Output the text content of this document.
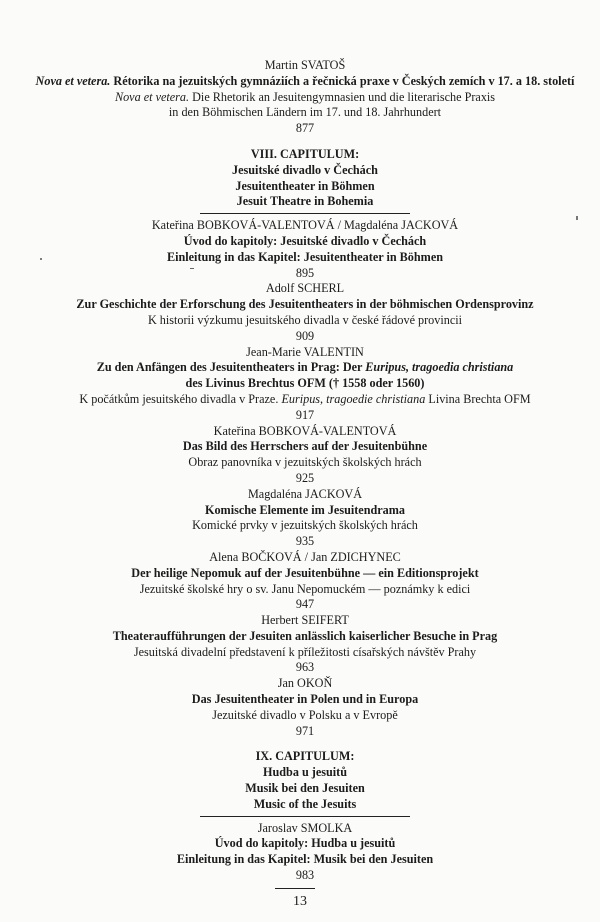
Martin SVATOŠ
Nova et vetera. Rétorika na jezuitských gymnáziích a řečnická praxe v Českých zemích v 17. a 18. století
Nova et vetera. Die Rhetorik an Jesuitengymnasien und die literarische Praxis
in den Böhmischen Ländern im 17. und 18. Jahrhundert
877
VIII. CAPITULUM:
Jesuitské divadlo v Čechách
Jesuitentheater in Böhmen
Jesuit Theatre in Bohemia
Kateřina BOBKOVÁ-VALENTOVÁ / Magdaléna JACKOVÁ
Úvod do kapitoly: Jesuitské divadlo v Čechách
Einleitung in das Kapitel: Jesuitentheater in Böhmen
895
Adolf SCHERL
Zur Geschichte der Erforschung des Jesuitentheaters in der böhmischen Ordensprovinz
K historii výzkumu jesuitského divadla v české řádové provincii
909
Jean-Marie VALENTIN
Zu den Anfängen des Jesuitentheaters in Prag: Der Euripus, tragoedia christiana
des Livinus Brechtus OFM († 1558 oder 1560)
K počátkům jesuitského divadla v Praze. Euripus, tragoedie christiana Livina Brechta OFM
917
Kateřina BOBKOVÁ-VALENTOVÁ
Das Bild des Herrschers auf der Jesuitenbühne
Obraz panovníka v jezuitských školských hrách
925
Magdaléna JACKOVÁ
Komische Elemente im Jesuitendrama
Komické prvky v jezuitských školských hrách
935
Alena BOČKOVÁ / Jan ZDICHYNEC
Der heilige Nepomuk auf der Jesuitenbühne — ein Editionsprojekt
Jezuitské školské hry o sv. Janu Nepomuckém — poznámky k edici
947
Herbert SEIFERT
Theateraufführungen der Jesuiten anlässlich kaiserlicher Besuche in Prag
Jesuitská divadelní představení k příležitosti císařských návštěv Prahy
963
Jan OKOŇ
Das Jesuitentheater in Polen und in Europa
Jezuitské divadlo v Polsku a v Evropě
971
IX. CAPITULUM:
Hudba u jesuitů
Musik bei den Jesuiten
Music of the Jesuits
Jaroslav SMOLKA
Úvod do kapitoly: Hudba u jesuitů
Einleitung in das Kapitel: Musik bei den Jesuiten
983
13
